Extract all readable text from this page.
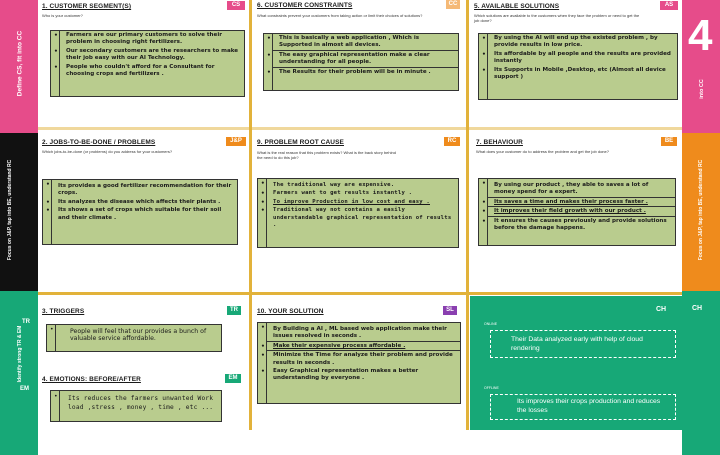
Define CS, fit into CC
Focus on J&P, tap into BE, understand RC
TR
EM
Identify strong TR & EM
4
into CC
Focus on J&P, tap into BE, understand RC
CH
1. CUSTOMER SEGMENT(S)	CS
Who is your customer?
• Farmers are our primary customers to solve their problem in choosing right fertilizers.
• Our secondary customers are the researchers to make their job easy with our AI Technology.
• People who couldn't afford for a Consultant for choosing crops and fertilizers .
6. CUSTOMER CONSTRAINTS	CC
What constraints prevent your customers from taking action or limit their choices of solutions?
• This is basically a web application , Which is Supported in almost all devices.
• The easy graphical representation make a clear understanding for all people.
• The Results for their problem will be in minute .
5. AVAILABLE SOLUTIONS	AS
Which solutions are available to the customers when they face the problem or need to get the job done?
• By using the AI will end up the existed problem , by provide results in low price.
• Its affordable by all people and the results are provided instantly
• Its Supports in Mobile ,Desktop, etc (Almost all device support )
2. JOBS-TO-BE-DONE / PROBLEMS	J&P
Which jobs-to-be-done (or problems) do you address for your customers?
• Its provides a good fertilizer recommendation for their crops.
• Its analyzes the disease which affects their plants .
• Its shows a set of crops which suitable for their soil and their climate .
9. PROBLEM ROOT CAUSE	RC
What is the real reason that this problem exists? What is the back story behind the need to do this job?
• The traditional way are expensive.
• Farmers want to get results instantly .
• To improve Production in low cost and easy .
• Traditional way not contains a easily understandable graphical representation of results .
7. BEHAVIOUR	BE
What does your customer do to address the problem and get the job done?
• By using our product , they able to saves a lot of money spend for a expert.
• Its saves a time and makes their process faster .
• It improves their field growth with our product .
• It ensures the causes previously and provide solutions before the damage happens.
3. TRIGGERS	TR
•	People will feel that our provides a bunch of valuable service affordable.
4. EMOTIONS: BEFORE/AFTER	EM
• Its reduces the farmers unwanted Work load ,stress , money , time , etc ...
10. YOUR SOLUTION	SL
• By Building a AI , ML based web application make their issues resolved in seconds .
• Make their expensive process affordable .
• Minimize the Time for analyze their problem and provide results in seconds .
• Easy Graphical representation makes a better understanding by everyone .
CH
ONLINE
Their Data analyzed early with help of cloud rendering
OFFLINE
Its improves their crops production and reduces the losses
